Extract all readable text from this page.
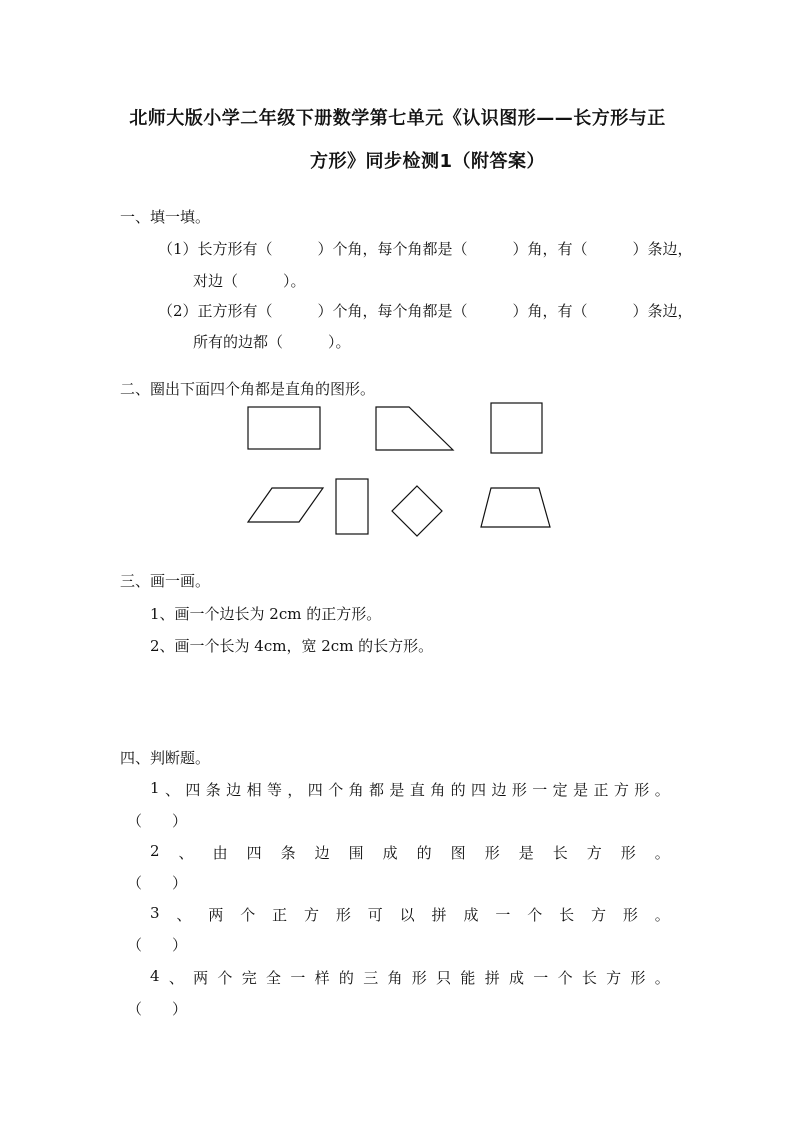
北师大版小学二年级下册数学第七单元《认识图形——长方形与正
方形》同步检测1（附答案）
一、填一填。
（1）长方形有（　　　）个角，每个角都是（　　　）角，有（　　　）条边，
对边（　　　）。
（2）正方形有（　　　）个角，每个角都是（　　　）角，有（　　　）条边，
所有的边都（　　　）。
二、圈出下面四个角都是直角的图形。
三、画一画。
1、画一个边长为 2cm 的正方形。
2、画一个长为 4cm，宽 2cm 的长方形。
四、判断题。
1 、 四 条 边 相 等 ， 四 个 角 都 是 直 角 的 四 边 形 一 定 是 正 方 形 。
（　　）
2 、 由 四 条 边 围 成 的 图 形 是 长 方 形 。
（　　）
3 、 两 个 正 方 形 可 以 拼 成 一 个 长 方 形 。
（　　）
4 、 两 个 完 全 一 样 的 三 角 形 只 能 拼 成 一 个 长 方 形 。
（　　）
